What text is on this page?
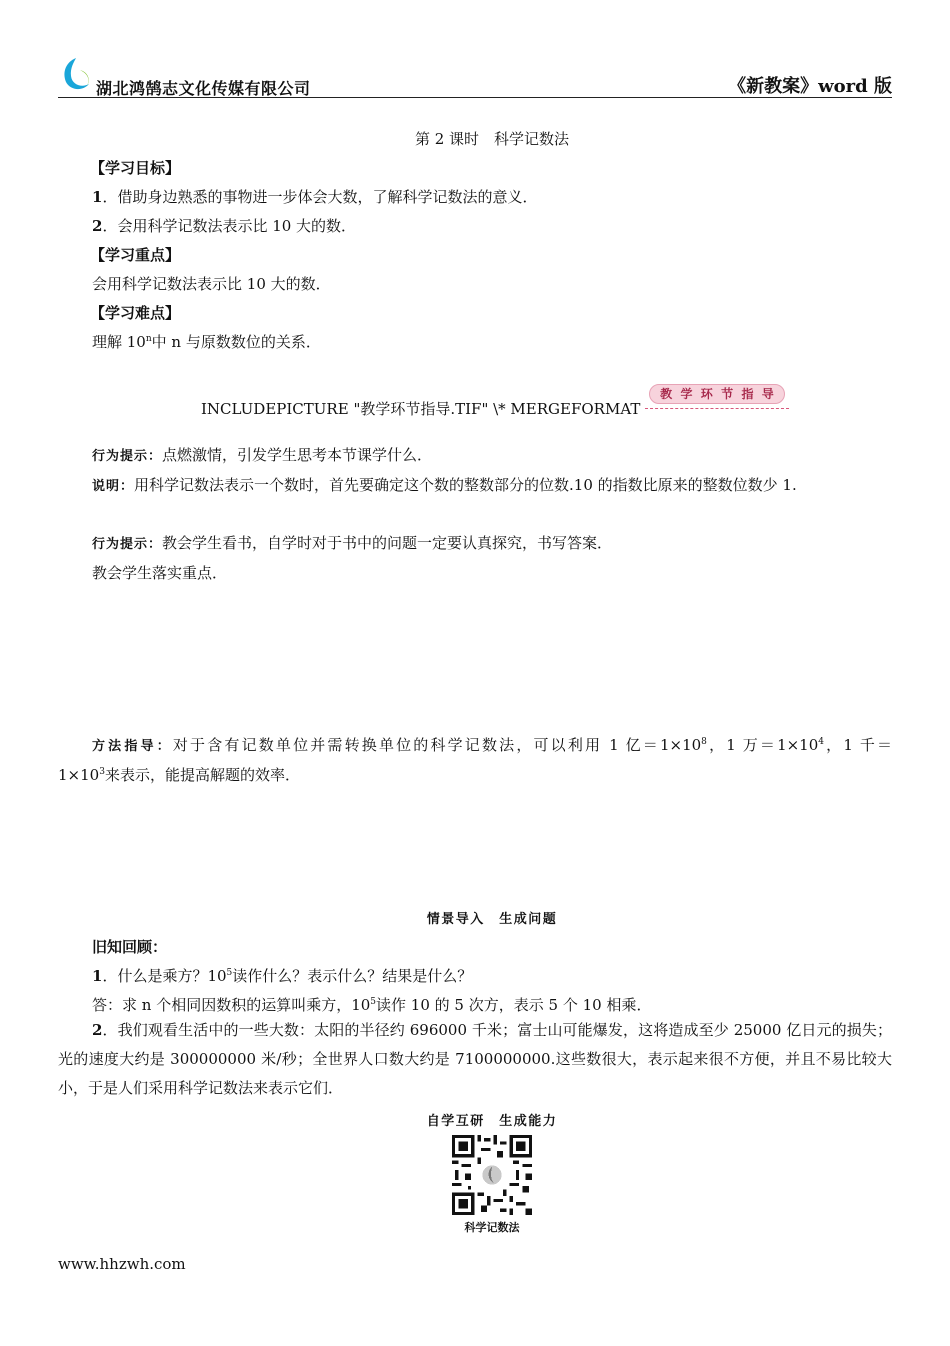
湖北鸿鹄志文化传媒有限公司	《新教案》word 版
第 2 课时　科学记数法
【学习目标】
1．借助身边熟悉的事物进一步体会大数，了解科学记数法的意义．
2．会用科学记数法表示比 10 大的数．
【学习重点】
会用科学记数法表示比 10 大的数．
【学习难点】
理解 10$^n$中 n 与原数数位的关系．
INCLUDEPICTURE "教学环节指导.TIF" \* MERGEFORMAT
教 学 环 节 指 导
行为提示：点燃激情，引发学生思考本节课学什么．
说明：用科学记数法表示一个数时，首先要确定这个数的整数部分的位数.10 的指数比原来的整数位数少 1.
行为提示：教会学生看书，自学时对于书中的问题一定要认真探究，书写答案．
教会学生落实重点．
方法指导：对于含有记数单位并需转换单位的科学记数法，可以利用 1 亿$=1\times 10^8$，1 万$=1\times 10^4$，1 千＝
$1\times 10^3$来表示，能提高解题的效率．
情景导入　生成问题
旧知回顾：
1．什么是乘方？$10^5$读作什么？表示什么？结果是什么？
答：求 n 个相同因数积的运算叫乘方，$10^5$读作 10 的 5 次方，表示 5 个 10 相乘．
2．我们观看生活中的一些大数：太阳的半径约 696000 千米；富士山可能爆发，这将造成至少 25000 亿日元的损失；光的速度大约是 300000000 米/秒；全世界人口数大约是 7100000000.这些数很大，表示起来很不方便，并且不易比较大小，于是人们采用科学记数法来表示它们．
自学互研　生成能力
科学记数法
www.hhzwh.com
